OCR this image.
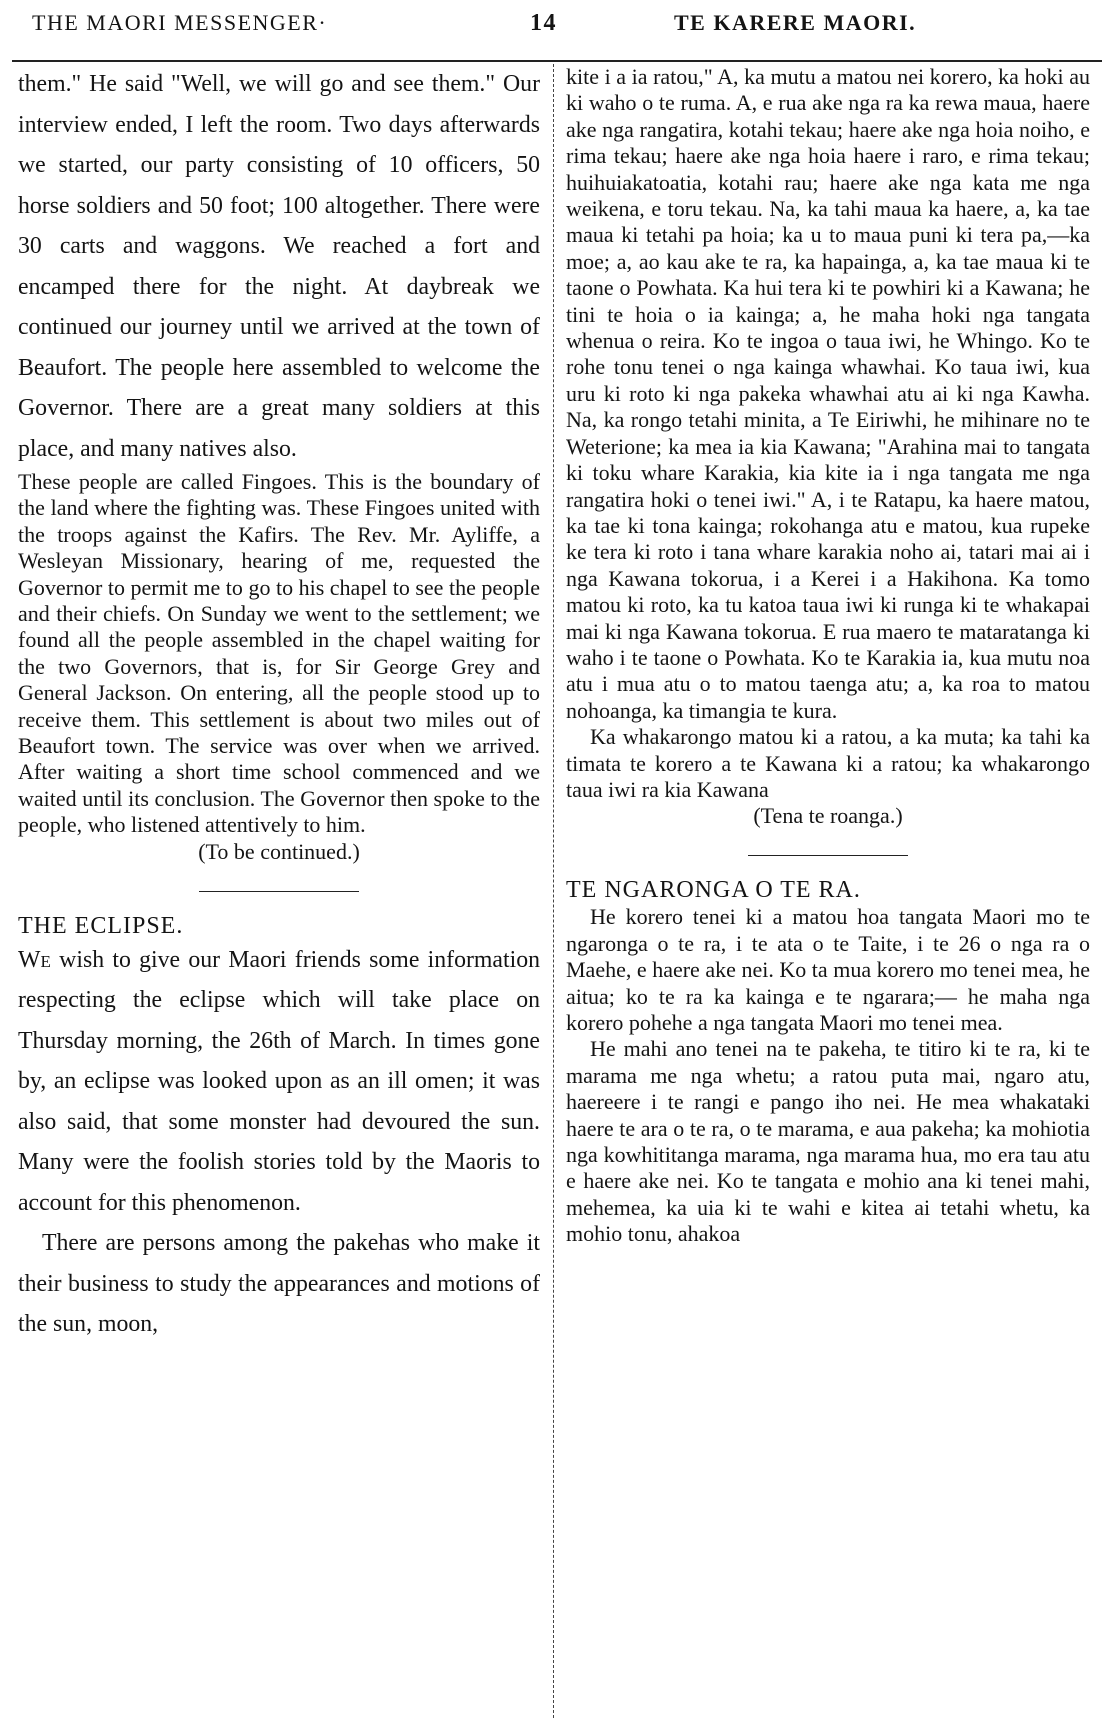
THE MAORI MESSENGER·	14	TE KARERE MAORI.

them." He said "Well, we will go and see them." Our interview ended, I left the room. Two days afterwards we started, our party consisting of 10 officers, 50 horse soldiers and 50 foot; 100 altogether. There were 30 carts and waggons. We reached a fort and encamped there for the night. At daybreak we continued our journey until we arrived at the town of Beaufort. The people here assembled to welcome the Governor. There are a great many soldiers at this place, and many natives also.

These people are called Fingoes. This is the boundary of the land where the fighting was. These Fingoes united with the troops against the Kafirs. The Rev. Mr. Ayliffe, a Wesleyan Missionary, hearing of me, requested the Governor to permit me to go to his chapel to see the people and their chiefs. On Sunday we went to the settlement; we found all the people assembled in the chapel waiting for the two Governors, that is, for Sir George Grey and General Jackson. On entering, all the people stood up to receive them. This settlement is about two miles out of Beaufort town. The service was over when we arrived. After waiting a short time school commenced and we waited until its conclusion. The Governor then spoke to the people, who listened attentively to him.

(To be continued.)

THE ECLIPSE.

We wish to give our Maori friends some information respecting the eclipse which will take place on Thursday morning, the 26th of March. In times gone by, an eclipse was looked upon as an ill omen; it was also said, that some monster had devoured the sun. Many were the foolish stories told by the Maoris to account for this phenomenon.

There are persons among the pakehas who make it their business to study the appearances and motions of the sun, moon,

kite i a ia ratou," A, ka mutu a matou nei korero, ka hoki au ki waho o te ruma. A, e rua ake nga ra ka rewa maua, haere ake nga rangatira, kotahi tekau; haere ake nga hoia noiho, e rima tekau; haere ake nga hoia haere i raro, e rima tekau; huihuiakatoatia, kotahi rau; haere ake nga kata me nga weikena, e toru tekau. Na, ka tahi maua ka haere, a, ka tae maua ki tetahi pa hoia; ka u to maua puni ki tera pa,—ka moe; a, ao kau ake te ra, ka hapainga, a, ka tae maua ki te taone o Powhata. Ka hui tera ki te powhiri ki a Kawana; he tini te hoia o ia kainga; a, he maha hoki nga tangata whenua o reira. Ko te ingoa o taua iwi, he Whingo. Ko te rohe tonu tenei o nga kainga whawhai. Ko taua iwi, kua uru ki roto ki nga pakeka whawhai atu ai ki nga Kawha. Na, ka rongo tetahi minita, a Te Eiriwhi, he mihinare no te Weterione; ka mea ia kia Kawana; "Arahina mai to tangata ki toku whare Karakia, kia kite ia i nga tangata me nga rangatira hoki o tenei iwi." A, i te Ratapu, ka haere matou, ka tae ki tona kainga; rokohanga atu e matou, kua rupeke ke tera ki roto i tana whare karakia noho ai, tatari mai ai i nga Kawana tokorua, i a Kerei i a Hakihona. Ka tomo matou ki roto, ka tu katoa taua iwi ki runga ki te whakapai mai ki nga Kawana tokorua. E rua maero te mataratanga ki waho i te taone o Powhata. Ko te Karakia ia, kua mutu noa atu i mua atu o to matou taenga atu; a, ka roa to matou nohoanga, ka timangia te kura.

Ka whakarongo matou ki a ratou, a ka muta; ka tahi ka timata te korero a te Kawana ki a ratou; ka whakarongo taua iwi ra kia Kawana

(Tena te roanga.)

TE NGARONGA O TE RA.

He korero tenei ki a matou hoa tangata Maori mo te ngaronga o te ra, i te ata o te Taite, i te 26 o nga ra o Maehe, e haere ake nei. Ko ta mua korero mo tenei mea, he aitua; ko te ra ka kainga e te ngarara;— he maha nga korero pohehe a nga tangata Maori mo tenei mea.

He mahi ano tenei na te pakeha, te titiro ki te ra, ki te marama me nga whetu; a ratou puta mai, ngaro atu, haereere i te rangi e pango iho nei. He mea whakataki haere te ara o te ra, o te marama, e aua pakeha; ka mohiotia nga kowhititanga marama, nga marama hua, mo era tau atu e haere ake nei. Ko te tangata e mohio ana ki tenei mahi, mehemea, ka uia ki te wahi e kitea ai tetahi whetu, ka mohio tonu, ahakoa
